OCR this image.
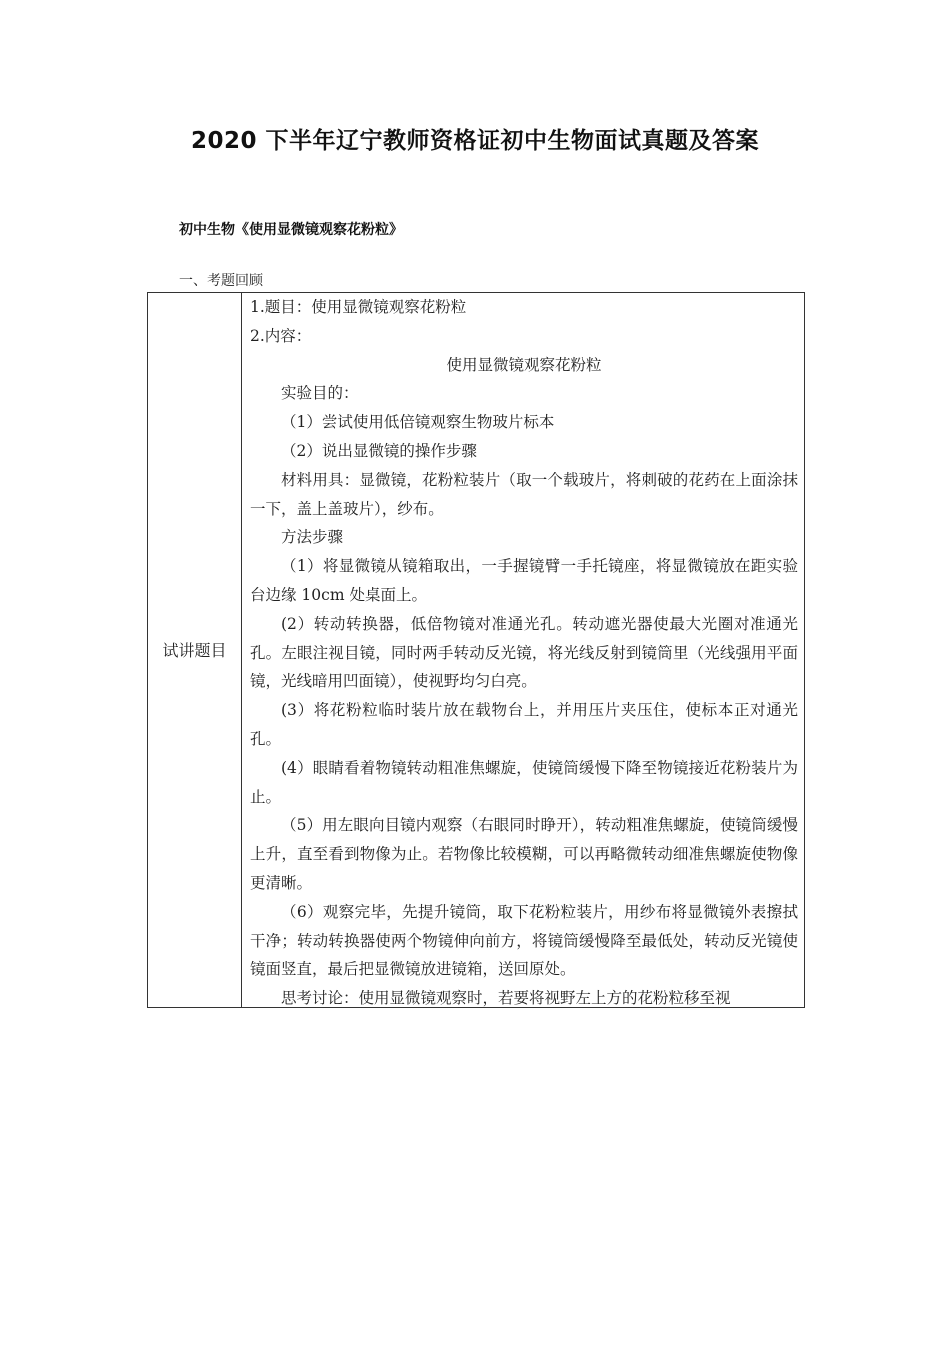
2020 下半年辽宁教师资格证初中生物面试真题及答案
初中生物《使用显微镜观察花粉粒》
一、考题回顾
试讲题目

1.题目：使用显微镜观察花粉粒

2.内容：

使用显微镜观察花粉粒

实验目的：

（1）尝试使用低倍镜观察生物玻片标本

（2）说出显微镜的操作步骤

材料用具：显微镜，花粉粒装片（取一个载玻片，将刺破的花药在上面涂抹一下，盖上盖玻片），纱布。

方法步骤

（1）将显微镜从镜箱取出，一手握镜臂一手托镜座，将显微镜放在距实验台边缘 10cm 处桌面上。

(2）转动转换器，低倍物镜对准通光孔。转动遮光器使最大光圈对准通光孔。左眼注视目镜，同时两手转动反光镜，将光线反射到镜筒里（光线强用平面镜，光线暗用凹面镜），使视野均匀白亮。

(3）将花粉粒临时装片放在载物台上，并用压片夹压住，使标本正对通光孔。

(4）眼睛看着物镜转动粗准焦螺旋，使镜筒缓慢下降至物镜接近花粉装片为止。

（5）用左眼向目镜内观察（右眼同时睁开），转动粗准焦螺旋，使镜筒缓慢上升，直至看到物像为止。若物像比较模糊，可以再略微转动细准焦螺旋使物像更清晰。

（6）观察完毕，先提升镜筒，取下花粉粒装片，用纱布将显微镜外表擦拭干净；转动转换器使两个物镜伸向前方，将镜筒缓慢降至最低处，转动反光镜使镜面竖直，最后把显微镜放进镜箱，送回原处。

思考讨论：使用显微镜观察时，若要将视野左上方的花粉粒移至视
